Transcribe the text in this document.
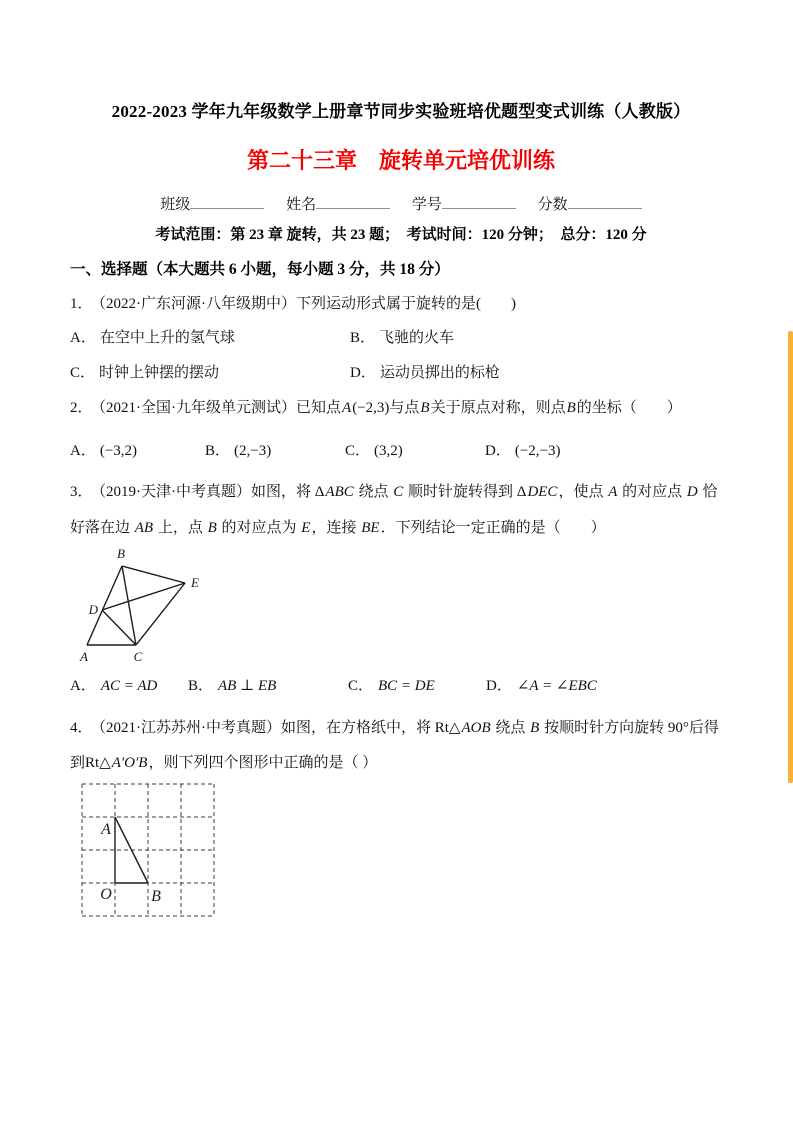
2022-2023 学年九年级数学上册章节同步实验班培优题型变式训练（人教版）
第二十三章　旋转单元培优训练
班级	姓名	学号	分数
考试范围：第 23 章 旋转，共 23 题；　考试时间：120 分钟；　总分：120 分
一、选择题（本大题共 6 小题，每小题 3 分，共 18 分）
1． （2022·广东河源·八年级期中）下列运动形式属于旋转的是(　　)
A． 在空中上升的氢气球	B． 飞驰的火车
C． 时钟上钟摆的摆动	D． 运动员掷出的标枪
2． （2021·全国·九年级单元测试）已知点A(−2,3)与点B关于原点对称，则点B的坐标（　　）
A． (−3,2)	B． (2,−3)	C． (3,2)	D． (−2,−3)
3． （2019·天津·中考真题）如图，将 ΔABC 绕点 C 顺时针旋转得到 ΔDEC，使点 A 的对应点 D 恰好落在边 AB 上，点 B 的对应点为 E，连接 BE．下列结论一定正确的是（　　）
B
E
D
A	C
A． AC = AD	B． AB ⊥ EB	C． BC = DE	D． ∠A = ∠EBC
4． （2021·江苏苏州·中考真题）如图，在方格纸中，将 Rt△AOB 绕点 B 按顺时针方向旋转 90°后得到Rt△A′O′B，则下列四个图形中正确的是（ ）
A
O B
